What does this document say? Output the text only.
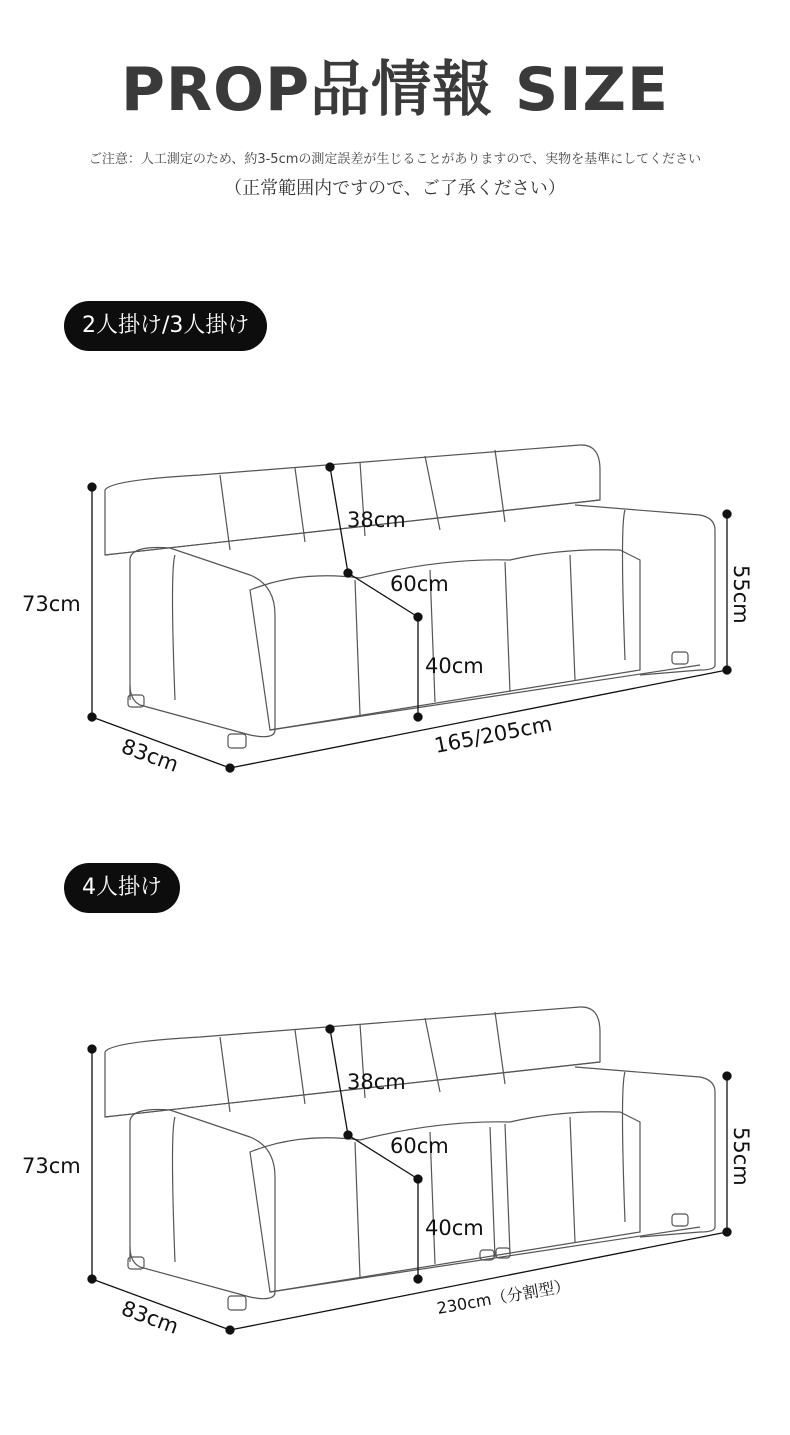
PROP品情報 SIZE
ご注意：人工測定のため、約3-5cmの測定誤差が生じることがありますので、実物を基準にしてください
（正常範囲内ですので、ご了承ください）
2人掛け/3人掛け
73cm
38cm
60cm
40cm
55cm
83cm	165/205cm
4人掛け
73cm
38cm
60cm
40cm
55cm
83cm	230cm（分割型）
